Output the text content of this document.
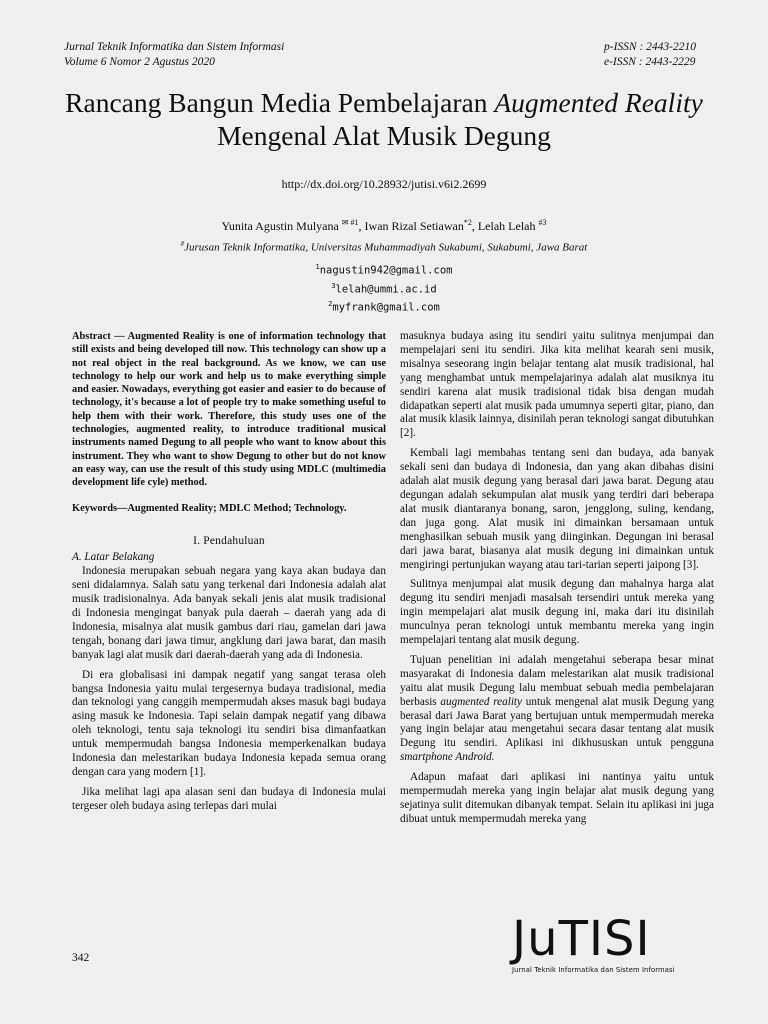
Jurnal Teknik Informatika dan Sistem Informasi
Volume 6 Nomor 2 Agustus 2020
p-ISSN : 2443-2210
e-ISSN : 2443-2229
Rancang Bangun Media Pembelajaran Augmented Reality Mengenal Alat Musik Degung
http://dx.doi.org/10.28932/jutisi.v6i2.2699
Yunita Agustin Mulyana $^{✉ \#1}$, Iwan Rizal Setiawan$^{*2}$, Lelah Lelah $^{\#3}$
#Jurusan Teknik Informatika, Universitas Muhammadiyah Sukabumi, Sukabumi, Jawa Barat
$^1$nagustin942@gmail.com
$^3$lelah@ummi.ac.id
$^2$myfrank@gmail.com
Abstract — Augmented Reality is one of information technology that still exists and being developed till now. This technology can show up a not real object in the real background. As we know, we can use technology to help our work and help us to make everything simple and easier. Nowadays, everything got easier and easier to do because of technology, it's because a lot of people try to make something useful to help them with their work. Therefore, this study uses one of the technologies, augmented reality, to introduce traditional musical instruments named Degung to all people who want to know about this instrument. They who want to show Degung to other but do not know an easy way, can use the result of this study using MDLC (multimedia development life cyle) method.
Keywords—Augmented Reality; MDLC Method; Technology.
I. Pendahuluan
A. Latar Belakang

Indonesia merupakan sebuah negara yang kaya akan budaya dan seni didalamnya. Salah satu yang terkenal dari Indonesia adalah alat musik tradisionalnya. Ada banyak sekali jenis alat musik tradisional di Indonesia mengingat banyak pula daerah – daerah yang ada di Indonesia, misalnya alat musik gambus dari riau, gamelan dari jawa tengah, bonang dari jawa timur, angklung dari jawa barat, dan masih banyak lagi alat musik dari daerah-daerah yang ada di Indonesia.

Di era globalisasi ini dampak negatif yang sangat terasa oleh bangsa Indonesia yaitu mulai tergesernya budaya tradisional, media dan teknologi yang canggih mempermudah akses masuk bagi budaya asing masuk ke Indonesia. Tapi selain dampak negatif yang dibawa oleh teknologi, tentu saja teknologi itu sendiri bisa dimanfaatkan untuk mempermudah bangsa Indonesia memperkenalkan budaya Indonesia dan melestarikan budaya Indonesia kepada semua orang dengan cara yang modern [1].

Jika melihat lagi apa alasan seni dan budaya di Indonesia mulai tergeser oleh budaya asing terlepas dari mulai

masuknya budaya asing itu sendiri yaitu sulitnya menjumpai dan mempelajari seni itu sendiri. Jika kita melihat kearah seni musik, misalnya seseorang ingin belajar tentang alat musik tradisional, hal yang menghambat untuk mempelajarinya adalah alat musiknya itu sendiri karena alat musik tradisional tidak bisa dengan mudah didapatkan seperti alat musik pada umumnya seperti gitar, piano, dan alat musik klasik lainnya, disinilah peran teknologi sangat dibutuhkan [2].

Kembali lagi membahas tentang seni dan budaya, ada banyak sekali seni dan budaya di Indonesia, dan yang akan dibahas disini adalah alat musik degung yang berasal dari jawa barat. Degung atau degungan adalah sekumpulan alat musik yang terdiri dari beberapa alat musik diantaranya bonang, saron, jengglong, suling, kendang, dan juga gong. Alat musik ini dimainkan bersamaan untuk menghasilkan sebuah musik yang diinginkan. Degungan ini berasal dari jawa barat, biasanya alat musik degung ini dimainkan untuk mengiringi pertunjukan wayang atau tari-tarian seperti jaipong [3].

Sulitnya menjumpai alat musik degung dan mahalnya harga alat degung itu sendiri menjadi masalsah tersendiri untuk mereka yang ingin mempelajari alat musik degung ini, maka dari itu disinilah munculnya peran teknologi untuk membantu mereka yang ingin mempelajari tentang alat musik degung.

Tujuan penelitian ini adalah mengetahui seberapa besar minat masyarakat di Indonesia dalam melestarikan alat musik tradisional yaitu alat musik Degung lalu membuat sebuah media pembelajaran berbasis augmented reality untuk mengenal alat musik Degung yang berasal dari Jawa Barat yang bertujuan untuk mempermudah mereka yang ingin belajar atau mengetahui secara dasar tentang alat musik Degung itu sendiri. Aplikasi ini dikhususkan untuk pengguna smartphone Android.

Adapun mafaat dari aplikasi ini nantinya yaitu untuk mempermudah mereka yang ingin belajar alat musik degung yang sejatinya sulit ditemukan dibanyak tempat. Selain itu aplikasi ini juga dibuat untuk mempermudah mereka yang

342	JuTISI
Jurnal Teknik Informatika dan Sistem Informasi
